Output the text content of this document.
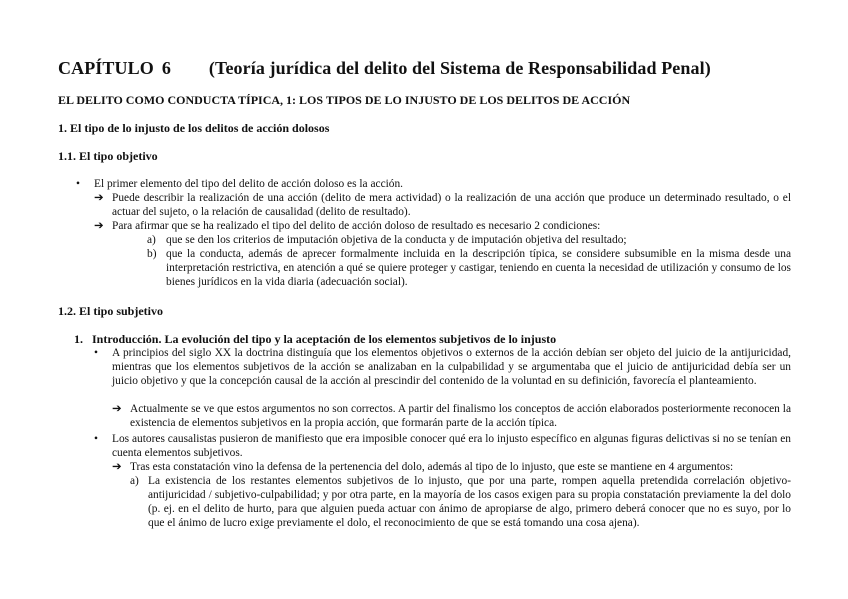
CAPÍTULO 6 (Teoría jurídica del delito del Sistema de Responsabilidad Penal)
EL DELITO COMO CONDUCTA TÍPICA, 1: LOS TIPOS DE LO INJUSTO DE LOS DELITOS DE ACCIÓN
1. El tipo de lo injusto de los delitos de acción dolosos
1.1. El tipo objetivo
• El primer elemento del tipo del delito de acción doloso es la acción.
➔ Puede describir la realización de una acción (delito de mera actividad) o la realización de una acción que produce un determinado resultado, o el actuar del sujeto, o la relación de causalidad (delito de resultado).
➔ Para afirmar que se ha realizado el tipo del delito de acción doloso de resultado es necesario 2 condiciones:
a) que se den los criterios de imputación objetiva de la conducta y de imputación objetiva del resultado;
b) que la conducta, además de aprecer formalmente incluida en la descripción típica, se considere subsumible en la misma desde una interpretación restrictiva, en atención a qué se quiere proteger y castigar, teniendo en cuenta la necesidad de utilización y consumo de los bienes jurídicos en la vida diaria (adecuación social).
1.2. El tipo subjetivo
1. Introducción. La evolución del tipo y la aceptación de los elementos subjetivos de lo injusto
• A principios del siglo XX la doctrina distinguía que los elementos objetivos o externos de la acción debían ser objeto del juicio de la antijuricidad, mientras que los elementos subjetivos de la acción se analizaban en la culpabilidad y se argumentaba que el juicio de antijuricidad debía ser un juicio objetivo y que la concepción causal de la acción al prescindir del contenido de la voluntad en su definición, favorecía el planteamiento.
➔ Actualmente se ve que estos argumentos no son correctos. A partir del finalismo los conceptos de acción elaborados posteriormente reconocen la existencia de elementos subjetivos en la propia acción, que formarán parte de la acción típica.
• Los autores causalistas pusieron de manifiesto que era imposible conocer qué era lo injusto específico en algunas figuras delictivas si no se tenían en cuenta elementos subjetivos.
➔ Tras esta constatación vino la defensa de la pertenencia del dolo, además al tipo de lo injusto, que este se mantiene en 4 argumentos:
a) La existencia de los restantes elementos subjetivos de lo injusto, que por una parte, rompen aquella pretendida correlación objetivo-antijuricidad / subjetivo-culpabilidad; y por otra parte, en la mayoría de los casos exigen para su propia constatación previamente la del dolo (p. ej. en el delito de hurto, para que alguien pueda actuar con ánimo de apropiarse de algo, primero deberá conocer que no es suyo, por lo que el ánimo de lucro exige previamente el dolo, el reconocimiento de que se está tomando una cosa ajena).
